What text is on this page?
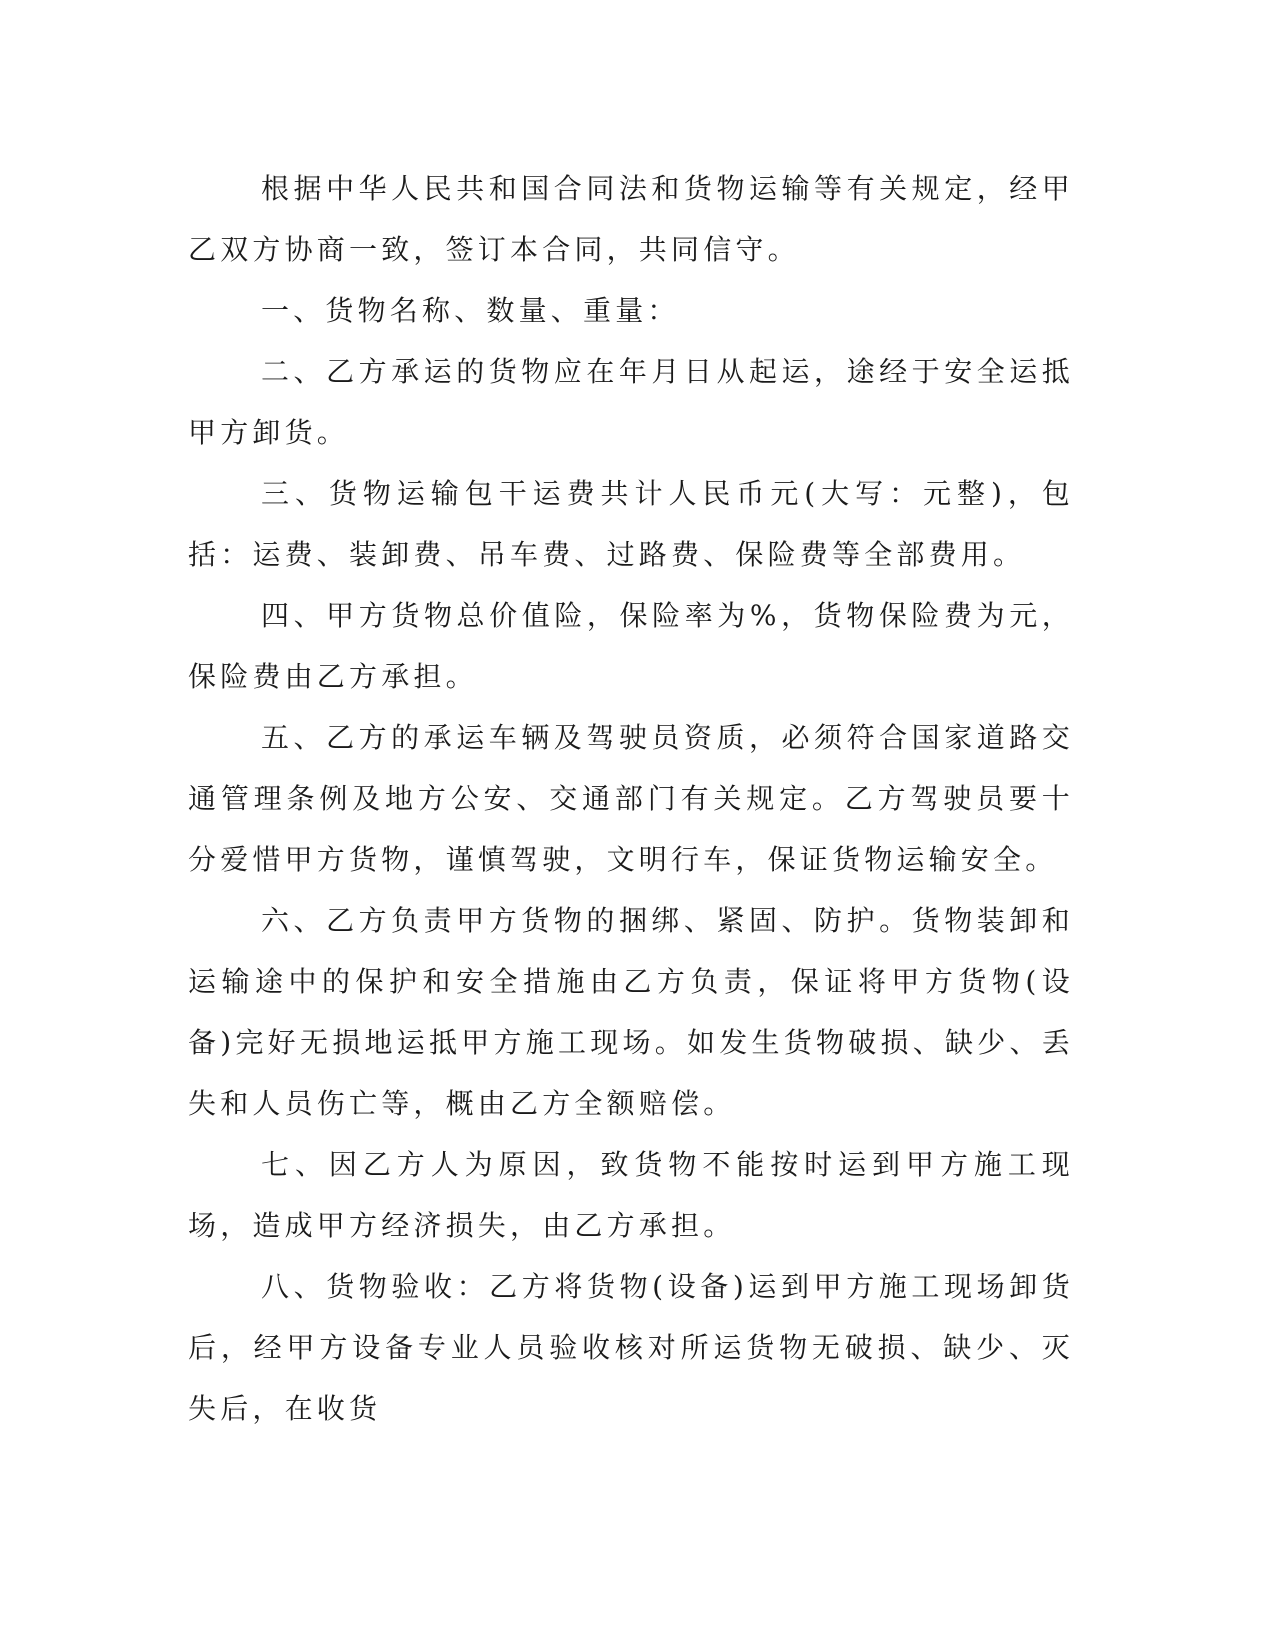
根据中华人民共和国合同法和货物运输等有关规定，经甲乙双方协商一致，签订本合同，共同信守。

一、货物名称、数量、重量：

二、乙方承运的货物应在年月日从起运，途经于安全运抵甲方卸货。

三、货物运输包干运费共计人民币元(大写：元整)，包括：运费、装卸费、吊车费、过路费、保险费等全部费用。

四、甲方货物总价值险，保险率为%，货物保险费为元，保险费由乙方承担。

五、乙方的承运车辆及驾驶员资质，必须符合国家道路交通管理条例及地方公安、交通部门有关规定。乙方驾驶员要十分爱惜甲方货物，谨慎驾驶，文明行车，保证货物运输安全。

六、乙方负责甲方货物的捆绑、紧固、防护。货物装卸和运输途中的保护和安全措施由乙方负责，保证将甲方货物(设备)完好无损地运抵甲方施工现场。如发生货物破损、缺少、丢失和人员伤亡等，概由乙方全额赔偿。

七、因乙方人为原因，致货物不能按时运到甲方施工现场，造成甲方经济损失，由乙方承担。

八、货物验收：乙方将货物(设备)运到甲方施工现场卸货后，经甲方设备专业人员验收核对所运货物无破损、缺少、灭失后，在收货
